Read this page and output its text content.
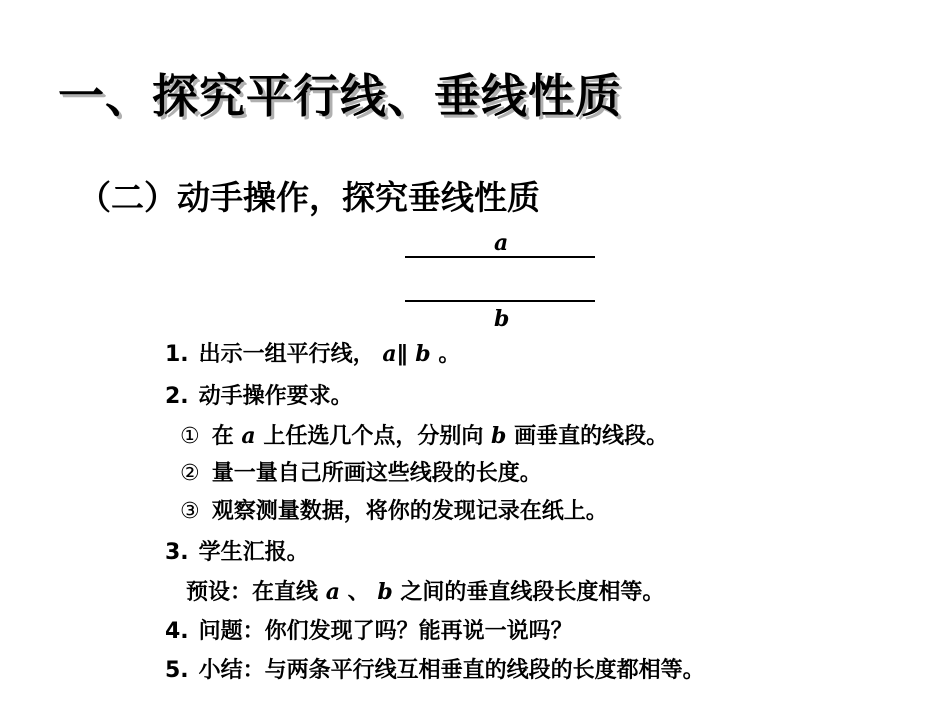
一、探究平行线、垂线性质
（二）动手操作，探究垂线性质
a
b
1. 出示一组平行线， a∥ b 。
2. 动手操作要求。
① 在 a 上任选几个点，分别向 b 画垂直的线段。
② 量一量自己所画这些线段的长度。
③ 观察测量数据，将你的发现记录在纸上。
3. 学生汇报。
预设：在直线 a 、 b 之间的垂直线段长度相等。
4. 问题：你们发现了吗？能再说一说吗？
5. 小结：与两条平行线互相垂直的线段的长度都相等。
